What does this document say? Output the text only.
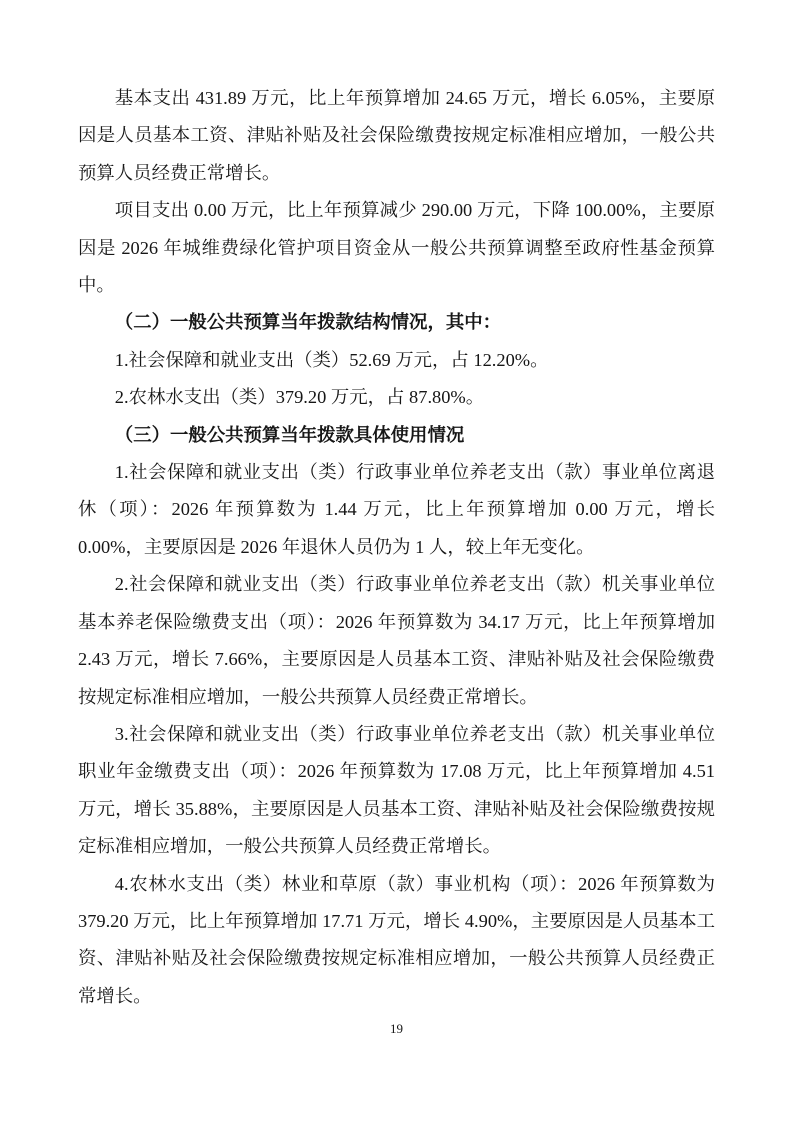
基本支出 431.89 万元，比上年预算增加 24.65 万元，增长 6.05%，主要原因是人员基本工资、津贴补贴及社会保险缴费按规定标准相应增加，一般公共预算人员经费正常增长。

项目支出 0.00 万元，比上年预算减少 290.00 万元，下降 100.00%，主要原因是 2026 年城维费绿化管护项目资金从一般公共预算调整至政府性基金预算中。

（二）一般公共预算当年拨款结构情况，其中：

1.社会保障和就业支出（类）52.69 万元，占 12.20%。

2.农林水支出（类）379.20 万元，占 87.80%。

（三）一般公共预算当年拨款具体使用情况

1.社会保障和就业支出（类）行政事业单位养老支出（款）事业单位离退休（项）：2026 年预算数为 1.44 万元，比上年预算增加 0.00 万元，增长 0.00%，主要原因是 2026 年退休人员仍为 1 人，较上年无变化。

2.社会保障和就业支出（类）行政事业单位养老支出（款）机关事业单位基本养老保险缴费支出（项）：2026 年预算数为 34.17 万元，比上年预算增加 2.43 万元，增长 7.66%，主要原因是人员基本工资、津贴补贴及社会保险缴费按规定标准相应增加，一般公共预算人员经费正常增长。

3.社会保障和就业支出（类）行政事业单位养老支出（款）机关事业单位职业年金缴费支出（项）：2026 年预算数为 17.08 万元，比上年预算增加 4.51 万元，增长 35.88%，主要原因是人员基本工资、津贴补贴及社会保险缴费按规定标准相应增加，一般公共预算人员经费正常增长。

4.农林水支出（类）林业和草原（款）事业机构（项）：2026 年预算数为 379.20 万元，比上年预算增加 17.71 万元，增长 4.90%，主要原因是人员基本工资、津贴补贴及社会保险缴费按规定标准相应增加，一般公共预算人员经费正常增长。

19
